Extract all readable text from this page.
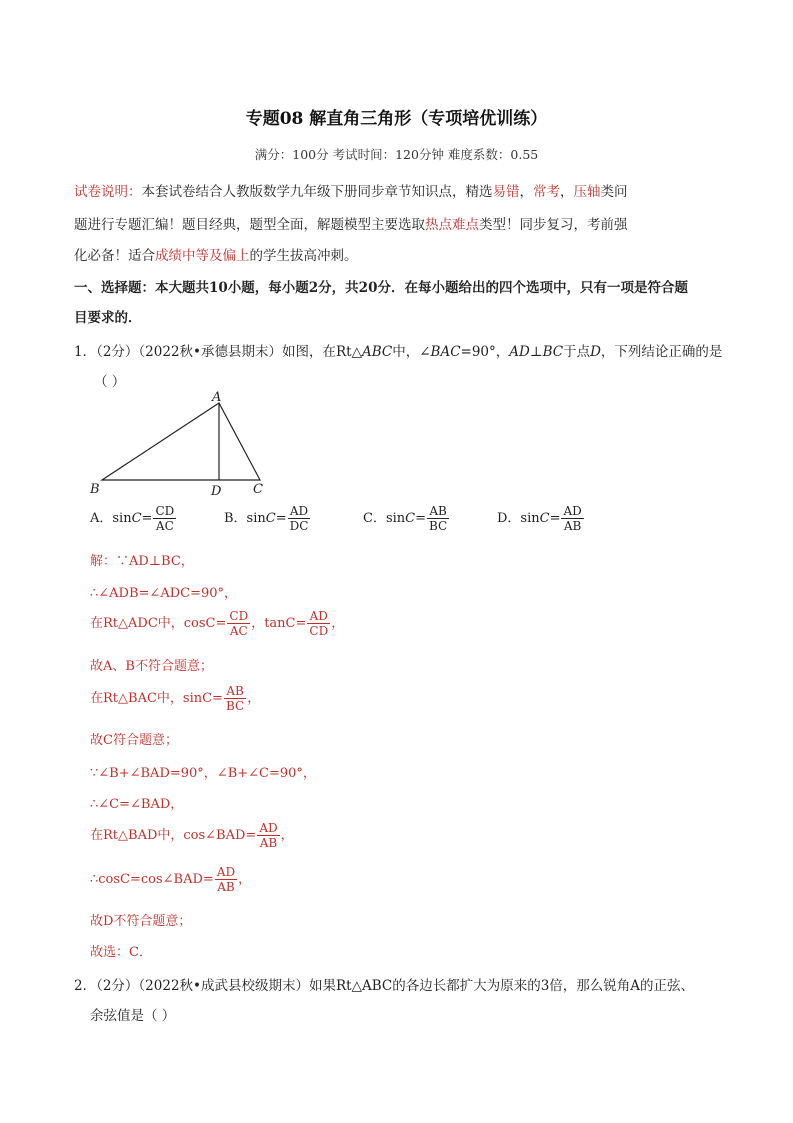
专题08 解直角三角形（专项培优训练）
满分：100分 考试时间：120分钟 难度系数：0.55
试卷说明：本套试卷结合人教版数学九年级下册同步章节知识点，精选易错，常考，压轴类问
题进行专题汇编！题目经典，题型全面，解题模型主要选取热点难点类型！同步复习，考前强
化必备！适合成绩中等及偏上的学生拔高冲刺。
一、选择题：本大题共10小题，每小题2分，共20分．在每小题给出的四个选项中，只有一项是符合题
目要求的．
1．（2分）（2022秋•承德县期末）如图，在Rt△ABC中，∠BAC=90°，AD⊥BC于点D，下列结论正确的是
（ ）
A
B	D C
A．$\sin C= \frac{CD}{AC}$	B．$\sin C= \frac{AD}{DC}$	C．$\sin C= \frac{AB}{BC}$	D．$\sin C= \frac{AD}{AB}$
解：∵AD⊥BC，
∴∠ADB=∠ADC=90°，
在Rt△ADC中，$\cos C= \frac{CD}{AC}$ ，$\tan C= \frac{AD}{CD}$ ，
故A、B不符合题意；
在Rt△BAC中，$\sin C= \frac{AB}{BC}$ ，
故C符合题意；
∵∠B+∠BAD=90°，∠B+∠C=90°，
∴∠C=∠BAD，
在Rt△BAD中，cos∠BAD= $\frac{AD}{AB}$ ，
∴cosC=cos∠BAD= $\frac{AD}{AB}$ ，
故D不符合题意；
故选：C．
2．（2分）（2022秋•成武县校级期末）如果Rt△ABC的各边长都扩大为原来的3倍，那么锐角A的正弦、
余弦值是（ ）
